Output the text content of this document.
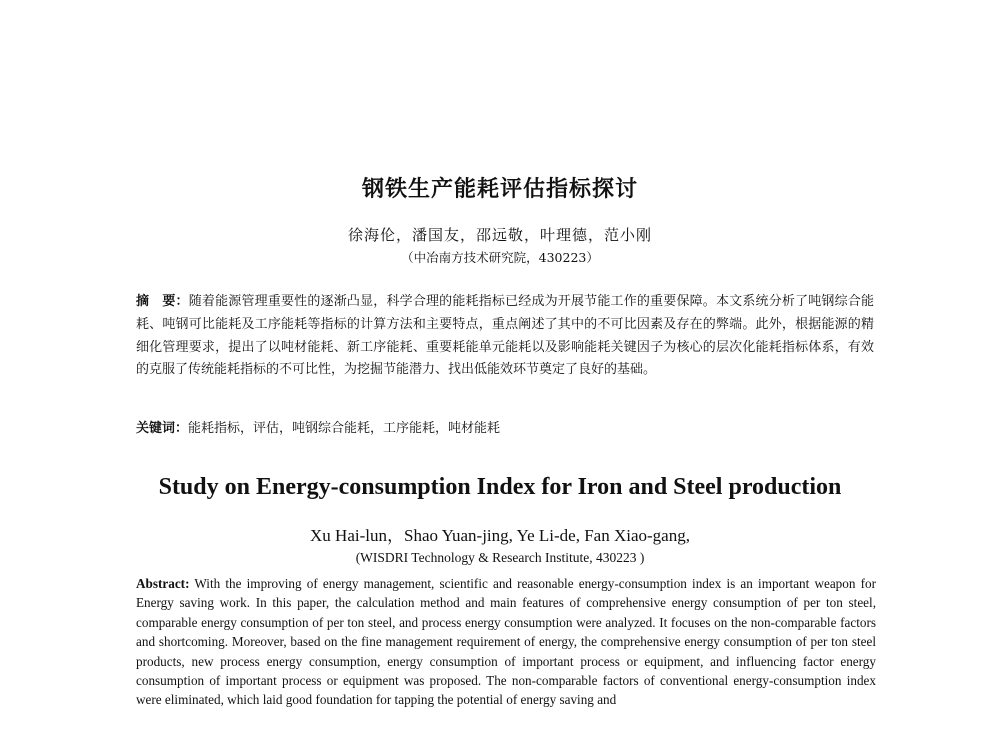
钢铁生产能耗评估指标探讨
徐海伦，潘国友，邵远敬，叶理德，范小刚
（中冶南方技术研究院，430223）
摘　要：随着能源管理重要性的逐渐凸显，科学合理的能耗指标已经成为开展节能工作的重要保障。本文系统分析了吨钢综合能耗、吨钢可比能耗及工序能耗等指标的计算方法和主要特点，重点阐述了其中的不可比因素及存在的弊端。此外，根据能源的精细化管理要求，提出了以吨材能耗、新工序能耗、重要耗能单元能耗以及影响能耗关键因子为核心的层次化能耗指标体系，有效的克服了传统能耗指标的不可比性，为挖掘节能潜力、找出低能效环节奠定了良好的基础。
关键词：能耗指标，评估，吨钢综合能耗，工序能耗，吨材能耗
Study on Energy-consumption Index for Iron and Steel production
Xu Hai-lun，Shao Yuan-jing, Ye Li-de, Fan Xiao-gang,
(WISDRI Technology & Research Institute, 430223 )
Abstract: With the improving of energy management, scientific and reasonable energy-consumption index is an important weapon for Energy saving work. In this paper, the calculation method and main features of comprehensive energy consumption of per ton steel, comparable energy consumption of per ton steel, and process energy consumption were analyzed. It focuses on the non-comparable factors and shortcoming. Moreover, based on the fine management requirement of energy, the comprehensive energy consumption of per ton steel products, new process energy consumption, energy consumption of important process or equipment, and influencing factor energy consumption of important process or equipment was proposed. The non-comparable factors of conventional energy-consumption index were eliminated, which laid good foundation for tapping the potential of energy saving and
